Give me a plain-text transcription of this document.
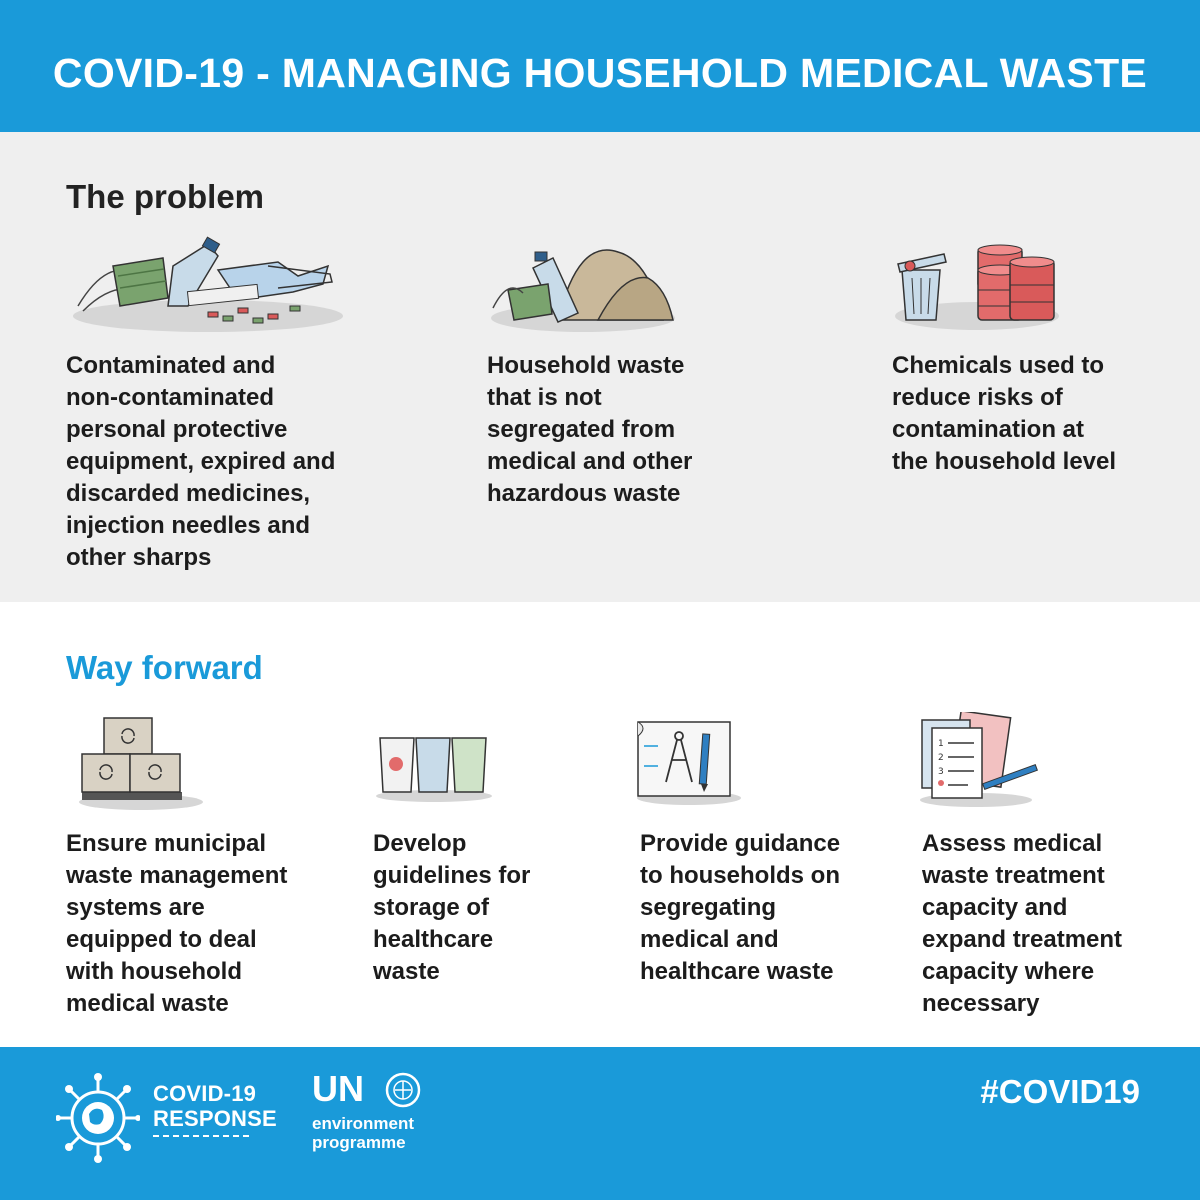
COVID-19 - MANAGING HOUSEHOLD MEDICAL WASTE
The problem
Contaminated and
non-contaminated
personal protective
equipment, expired and
discarded medicines,
injection needles and
other sharps
Household waste
that is not
segregated from
medical and other
hazardous waste
Chemicals used to
reduce risks of
contamination at
the household level
Way forward
Ensure municipal
waste management
systems are
equipped to deal
with household
medical waste
Develop
guidelines for
storage of
healthcare
waste
Provide guidance
to households on
segregating
medical and
healthcare waste
1
2
3
Assess medical
waste treatment
capacity and
expand treatment
capacity where
necessary
COVID-19
RESPONSE
UN
environment
programme
#COVID19
